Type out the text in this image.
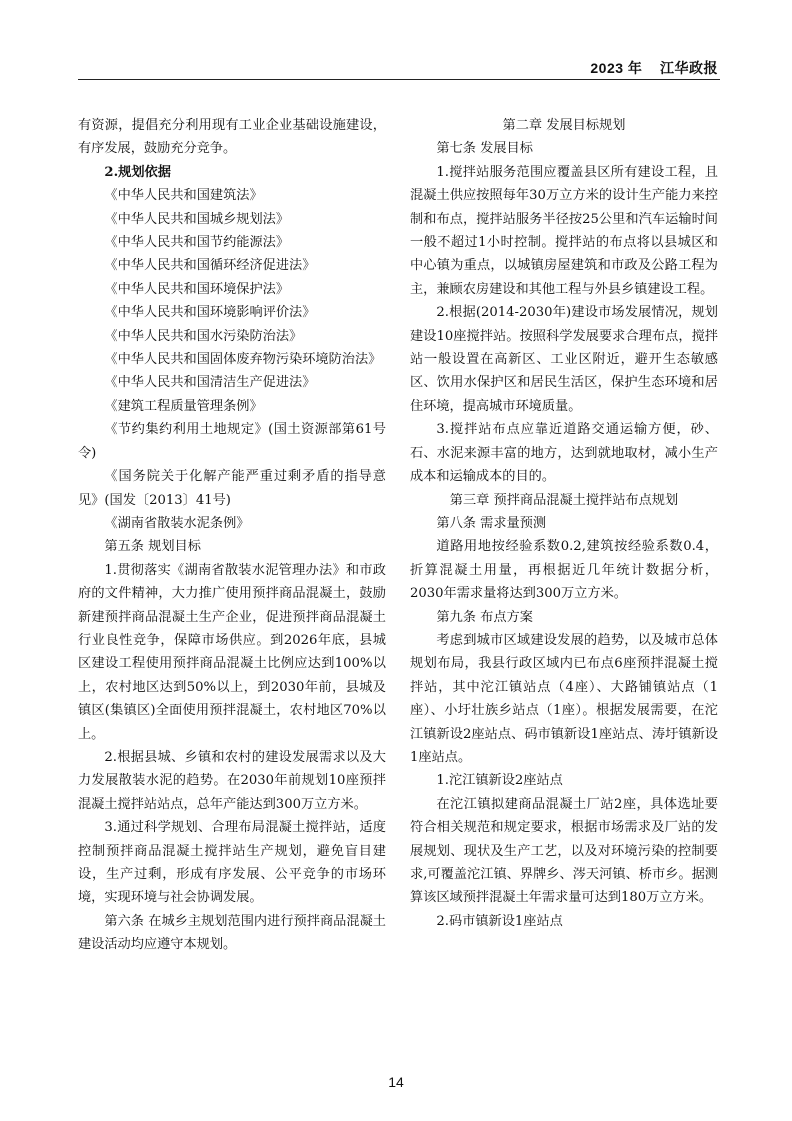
2023 年 江华政报

有资源，提倡充分利用现有工业企业基础设施建设，有序发展，鼓励充分竞争。

2.规划依据

《中华人民共和国建筑法》

《中华人民共和国城乡规划法》

《中华人民共和国节约能源法》

《中华人民共和国循环经济促进法》

《中华人民共和国环境保护法》

《中华人民共和国环境影响评价法》

《中华人民共和国水污染防治法》

《中华人民共和国固体废弃物污染环境防治法》

《中华人民共和国清洁生产促进法》

《建筑工程质量管理条例》

《节约集约利用土地规定》(国土资源部第61号令)

《国务院关于化解产能严重过剩矛盾的指导意见》(国发〔2013〕41号)

《湖南省散装水泥条例》

第五条 规划目标

1.贯彻落实《湖南省散装水泥管理办法》和市政府的文件精神，大力推广使用预拌商品混凝土，鼓励新建预拌商品混凝土生产企业，促进预拌商品混凝土行业良性竞争，保障市场供应。到2026年底，县城区建设工程使用预拌商品混凝土比例应达到100%以上，农村地区达到50%以上，到2030年前，县城及镇区(集镇区)全面使用预拌混凝土，农村地区70%以上。

2.根据县城、乡镇和农村的建设发展需求以及大力发展散装水泥的趋势。在2030年前规划10座预拌混凝土搅拌站站点，总年产能达到300万立方米。

3.通过科学规划、合理布局混凝土搅拌站，适度控制预拌商品混凝土搅拌站生产规划，避免盲目建设，生产过剩，形成有序发展、公平竞争的市场环境，实现环境与社会协调发展。

第六条 在城乡主规划范围内进行预拌商品混凝土建设活动均应遵守本规划。

第二章 发展目标规划

第七条 发展目标

1.搅拌站服务范围应覆盖县区所有建设工程，且混凝土供应按照每年30万立方米的设计生产能力来控制和布点，搅拌站服务半径按25公里和汽车运输时间一般不超过1小时控制。搅拌站的布点将以县城区和中心镇为重点，以城镇房屋建筑和市政及公路工程为主，兼顾农房建设和其他工程与外县乡镇建设工程。

2.根据(2014-2030年)建设市场发展情况，规划建设10座搅拌站。按照科学发展要求合理布点，搅拌站一般设置在高新区、工业区附近，避开生态敏感区、饮用水保护区和居民生活区，保护生态环境和居住环境，提高城市环境质量。

3.搅拌站布点应靠近道路交通运输方便，砂、石、水泥来源丰富的地方，达到就地取材，减小生产成本和运输成本的目的。

第三章 预拌商品混凝土搅拌站布点规划

第八条 需求量预测

道路用地按经验系数0.2,建筑按经验系数0.4，折算混凝土用量，再根据近几年统计数据分析，2030年需求量将达到300万立方米。

第九条 布点方案

考虑到城市区域建设发展的趋势，以及城市总体规划布局，我县行政区域内已布点6座预拌混凝土搅拌站，其中沱江镇站点（4座）、大路铺镇站点（1座）、小圩壮族乡站点（1座）。根据发展需要，在沱江镇新设2座站点、码市镇新设1座站点、涛圩镇新设1座站点。

1.沱江镇新设2座站点

在沱江镇拟建商品混凝土厂站2座，具体选址要符合相关规范和规定要求，根据市场需求及厂站的发展规划、现状及生产工艺，以及对环境污染的控制要求,可覆盖沱江镇、界牌乡、涔天河镇、桥市乡。据测算该区域预拌混凝土年需求量可达到180万立方米。

2.码市镇新设1座站点

14
